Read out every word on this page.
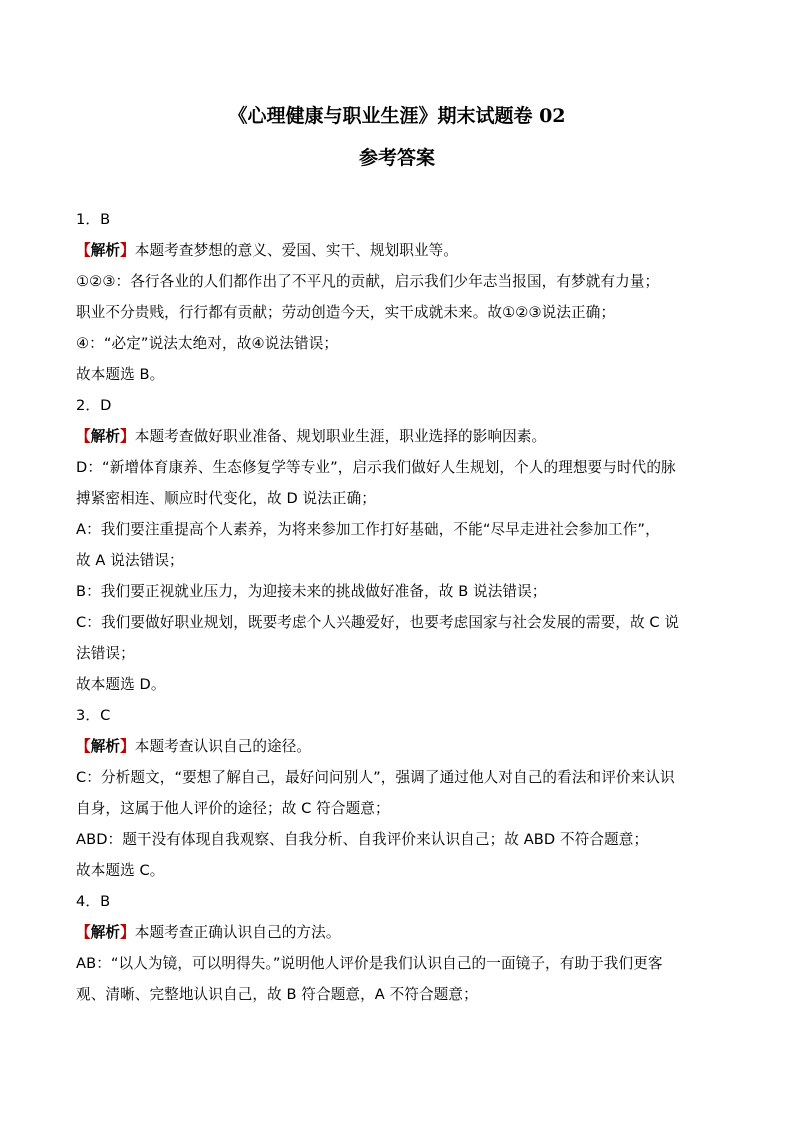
《心理健康与职业生涯》期末试题卷 02
参考答案
1．B
【解析】本题考查梦想的意义、爱国、实干、规划职业等。
①②③：各行各业的人们都作出了不平凡的贡献，启示我们少年志当报国，有梦就有力量；
职业不分贵贱，行行都有贡献；劳动创造今天，实干成就未来。故①②③说法正确；
④：“必定”说法太绝对，故④说法错误；
故本题选 B。
2．D
【解析】本题考查做好职业准备、规划职业生涯，职业选择的影响因素。
D：“新增体育康养、生态修复学等专业”，启示我们做好人生规划，个人的理想要与时代的脉
搏紧密相连、顺应时代变化，故 D 说法正确；
A：我们要注重提高个人素养，为将来参加工作打好基础，不能“尽早走进社会参加工作”，
故 A 说法错误；
B：我们要正视就业压力，为迎接未来的挑战做好准备，故 B 说法错误；
C：我们要做好职业规划，既要考虑个人兴趣爱好，也要考虑国家与社会发展的需要，故 C 说
法错误；
故本题选 D。
3．C
【解析】本题考查认识自己的途径。
C：分析题文，“要想了解自己，最好问问别人”，强调了通过他人对自己的看法和评价来认识
自身，这属于他人评价的途径；故 C 符合题意；
ABD：题干没有体现自我观察、自我分析、自我评价来认识自己；故 ABD 不符合题意；
故本题选 C。
4．B
【解析】本题考查正确认识自己的方法。
AB：“以人为镜，可以明得失。”说明他人评价是我们认识自己的一面镜子，有助于我们更客
观、清晰、完整地认识自己，故 B 符合题意，A 不符合题意；
